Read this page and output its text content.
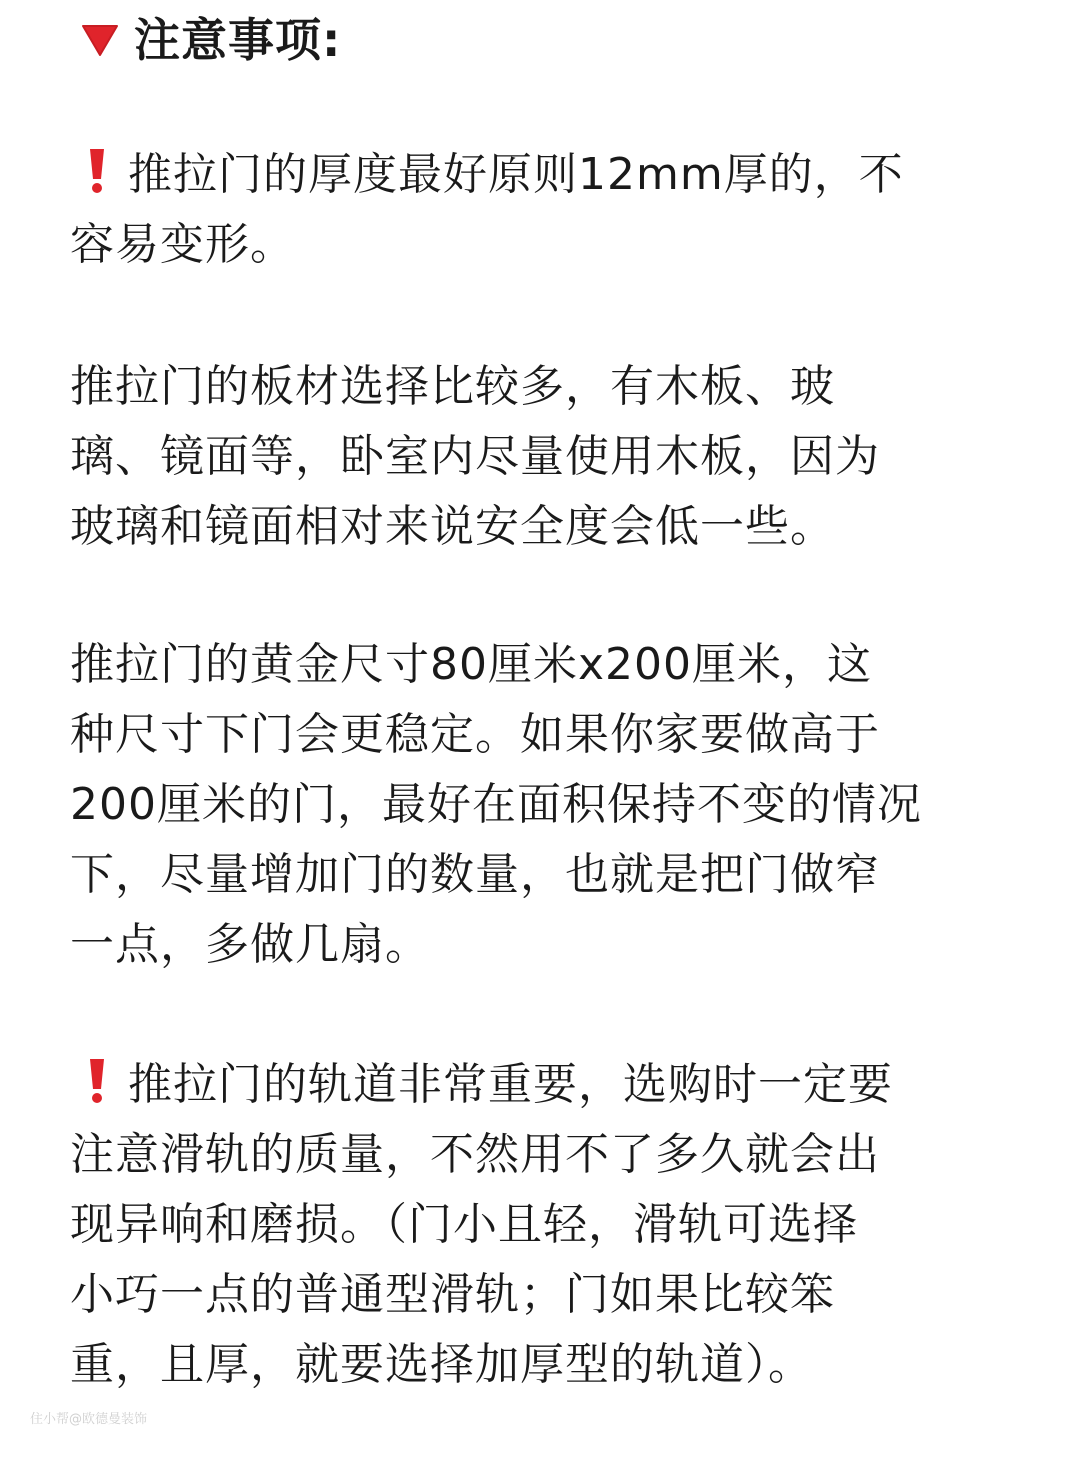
注意事项:
推拉门的厚度最好原则12mm厚的，不
容易变形。
推拉门的板材选择比较多，有木板、玻
璃、镜面等，卧室内尽量使用木板，因为
玻璃和镜面相对来说安全度会低一些。
推拉门的黄金尺寸80厘米x200厘米，这
种尺寸下门会更稳定。如果你家要做高于
200厘米的门，最好在面积保持不变的情况
下，尽量增加门的数量，也就是把门做窄
一点，多做几扇。
推拉门的轨道非常重要，选购时一定要
注意滑轨的质量，不然用不了多久就会出
现异响和磨损。（门小且轻，滑轨可选择
小巧一点的普通型滑轨；门如果比较笨
重，且厚，就要选择加厚型的轨道）。
住小帮@欧德曼装饰
